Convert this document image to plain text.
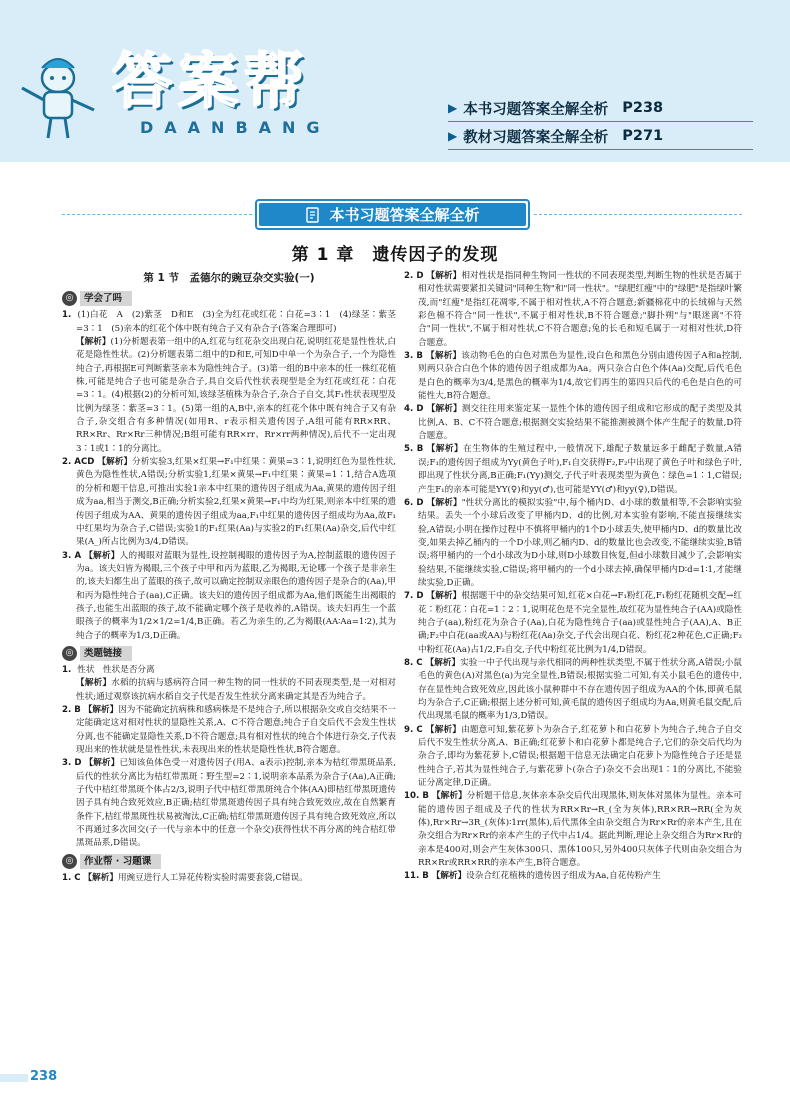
答案帮
DAANBANG
▶ 本书习题答案全解全析 P238
▶ 教材习题答案全解全析 P271
本书习题答案全解全析
第 1 章　遗传因子的发现
第 1 节　孟德尔的豌豆杂交实验(一)
◎	学会了吗

1. (1)白花　A　(2)紫茎　D和E　(3)全为红花或红花∶白花=3∶1　(4)绿茎∶紫茎=3∶1　(5)亲本的红花个体中既有纯合子又有杂合子(答案合理即可)

【解析】(1)分析题表第一组中的A,红花与红花杂交出现白花,说明红花是显性性状,白花是隐性性状。(2)分析题表第二组中的D和E,可知D中单一个为杂合子,一个为隐性纯合子,再根据E可判断紫茎亲本为隐性纯合子。(3)第一组的B中亲本的任一株红花植株,可能是纯合子也可能是杂合子,具自交后代性状表现型是全为红花或红花∶白花=3∶1。(4)根据(2)的分析可知,该绿茎植株为杂合子,杂合子自交,其F₁性状表现型及比例为绿茎∶紫茎=3∶1。(5)第一组的A,B中,亲本的红花个体中既有纯合子又有杂合子,杂交组合有多种情况(如用R、r表示相关遗传因子,A组可能有RR×RR、RR×Rr、Rr×Rr三种情况;B组可能有RR×rr、Rr×rr两种情况),后代不一定出现3∶1或1∶1的分离比。

2. ACD 【解析】分析实验3,红果×红果→F₁中红果∶黄果=3∶1,说明红色为显性性状,黄色为隐性性状,A错误;分析实验1,红果×黄果→F₁中红果∶黄果=1∶1,结合A选项的分析和题干信息,可推出实验1亲本中红果的遗传因子组成为Aa,黄果的遗传因子组成为aa,相当于测交,B正确;分析实验2,红果×黄果→F₁中均为红果,则亲本中红果的遗传因子组成为AA、黄果的遗传因子组成为aa,F₁中红果的遗传因子组成均为Aa,故F₁中红果均为杂合子,C错误;实验1的F₁红果(Aa)与实验2的F₁红果(Aa)杂交,后代中红果(A_)所占比例为3/4,D错误。

3. A 【解析】人的褐眼对蓝眼为显性,设控制褐眼的遗传因子为A,控制蓝眼的遗传因子为a。该夫妇皆为褐眼,三个孩子中甲和丙为蓝眼,乙为褐眼,无论哪一个孩子是非亲生的,该夫妇都生出了蓝眼的孩子,故可以确定控制双亲眼色的遗传因子是杂合的(Aa),甲和丙为隐性纯合子(aa),C正确。该夫妇的遗传因子组成都为Aa,他们既能生出褐眼的孩子,也能生出蓝眼的孩子,故不能确定哪个孩子是收养的,A错误。该夫妇再生一个蓝眼孩子的概率为1/2×1/2=1/4,B正确。若乙为亲生的,乙为褐眼(AA∶Aa=1∶2),其为纯合子的概率为1/3,D正确。

◎	类题链接

1. 性状　性状是否分离

【解析】水稻的抗病与感病符合同一种生物的同一性状的不同表现类型,是一对相对性状;通过观察该抗病水稻自交子代是否发生性状分离来确定其是否为纯合子。

2. B 【解析】因为不能确定抗病株和感病株是不是纯合子,所以根据杂交或自交结果不一定能确定这对相对性状的显隐性关系,A、C不符合题意;纯合子自交后代不会发生性状分离,也不能确定显隐性关系,D不符合题意;具有相对性状的纯合个体进行杂交,子代表现出来的性状就是显性性状,未表现出来的性状是隐性性状,B符合题意。

3. D 【解析】已知该鱼体色受一对遗传因子(用A、a表示)控制,亲本为桔红带黑斑品系,后代的性状分离比为桔红带黑斑∶野生型=2∶1,说明亲本品系为杂合子(Aa),A正确;子代中桔红带黑斑个体占2/3,说明子代中桔红带黑斑纯合个体(AA)即桔红带黑斑遗传因子具有纯合致死效应,B正确;桔红带黑斑遗传因子具有纯合致死效应,故在自然繁育条件下,桔红带黑斑性状易被淘汰,C正确;桔红带黑斑遗传因子具有纯合致死效应,所以不再通过多次回交(子一代与亲本中的任意一个杂交)获得性状不再分离的纯合桔红带黑斑品系,D错误。

◎	作业帮 · 习题课

1. C 【解析】用豌豆进行人工异花传粉实验时需要套袋,C错误。

2. D 【解析】相对性状是指同种生物同一性状的不同表现类型,判断生物的性状是否属于相对性状需要紧扣关键词"同种生物"和"同一性状"。"绿肥红瘦"中的"绿肥"是指绿叶繁茂,而"红瘦"是指红花凋零,不属于相对性状,A不符合题意;新疆棉花中的长绒棉与天然彩色棉不符合"同一性状",不属于相对性状,B不符合题意;"脚扑朔"与"眼迷离"不符合"同一性状",不属于相对性状,C不符合题意;兔的长毛和短毛属于一对相对性状,D符合题意。

3. B 【解析】该动物毛色的白色对黑色为显性,设白色和黑色分别由遗传因子A和a控制,则两只杂合白色个体的遗传因子组成都为Aa。两只杂合白色个体(Aa)交配,后代毛色是白色的概率为3/4,是黑色的概率为1/4,故它们再生的第四只后代的毛色是白色的可能性大,B符合题意。

4. D 【解析】测交往往用来鉴定某一显性个体的遗传因子组成和它形成的配子类型及其比例,A、B、C不符合题意;根据测交实验结果不能推测被测个体产生配子的数量,D符合题意。

5. B 【解析】在生物体的生殖过程中,一般情况下,雄配子数量远多于雌配子数量,A错误;F₁的遗传因子组成为Yy(黄色子叶),F₁自交获得F₂,F₂中出现了黄色子叶和绿色子叶,即出现了性状分离,B正确;F₁(Yy)测交,子代子叶表现类型为黄色∶绿色=1∶1,C错误;产生F₁的亲本可能是YY(♀)和yy(♂),也可能是YY(♂)和yy(♀),D错误。

6. D 【解析】"性状分离比的模拟实验"中,每个桶内D、d小球的数量相等,不会影响实验结果。丢失一个小球后改变了甲桶内D、d的比例,对本实验有影响,不能直接继续实验,A错误;小明在操作过程中不慎将甲桶内的1个D小球丢失,使甲桶内D、d的数量比改变,如果去掉乙桶内的一个D小球,则乙桶内D、d的数量比也会改变,不能继续实验,B错误;将甲桶内的一个d小球改为D小球,则D小球数目恢复,但d小球数目减少了,会影响实验结果,不能继续实验,C错误;将甲桶内的一个d小球去掉,确保甲桶内D∶d=1∶1,才能继续实验,D正确。

7. D 【解析】根据题干中的杂交结果可知,红花×白花→F₁粉红花,F₁粉红花随机交配→红花∶粉红花∶白花=1∶2∶1,说明花色是不完全显性,故红花为显性纯合子(AA)或隐性纯合子(aa),粉红花为杂合子(Aa),白花为隐性纯合子(aa)或显性纯合子(AA),A、B正确;F₂中白花(aa或AA)与粉红花(Aa)杂交,子代会出现白花、粉红花2种花色,C正确;F₂中粉红花(Aa)占1/2,F₂自交,子代中粉红花比例为1/4,D错误。

8. C 【解析】实验一中子代出现与亲代相同的两种性状类型,不属于性状分离,A错误;小鼠毛色的黄色(A)对黑色(a)为完全显性,B错误;根据实验二可知,有关小鼠毛色的遗传中,存在显性纯合致死效应,因此该小鼠种群中不存在遗传因子组成为AA的个体,即黄毛鼠均为杂合子,C正确;根据上述分析可知,黄毛鼠的遗传因子组成均为Aa,则黄毛鼠交配,后代出现黑毛鼠的概率为1/3,D错误。

9. C 【解析】由题意可知,紫花萝卜为杂合子,红花萝卜和白花萝卜为纯合子,纯合子自交后代不发生性状分离,A、B正确;红花萝卜和白花萝卜都是纯合子,它们的杂交后代均为杂合子,即均为紫花萝卜,C错误;根据题干信息无法确定白花萝卜为隐性纯合子还是显性纯合子,若其为显性纯合子,与紫花萝卜(杂合子)杂交不会出现1∶1的分离比,不能验证分离定律,D正确。

10. B 【解析】分析题干信息,灰体亲本杂交后代出现黑体,则灰体对黑体为显性。亲本可能的遗传因子组成及子代的性状为RR×Rr→R_(全为灰体),RR×RR→RR(全为灰体),Rr×Rr→3R_(灰体)∶1rr(黑体),后代黑体全由杂交组合为Rr×Rr的亲本产生,且在杂交组合为Rr×Rr的亲本产生的子代中占1/4。据此判断,理论上杂交组合为Rr×Rr的亲本是400对,则会产生灰体300只、黑体100只,另外400只灰体子代则由杂交组合为RR×Rr或RR×RR的亲本产生,B符合题意。

11. B 【解析】设杂合红花植株的遗传因子组成为Aa,自花传粉产生

238
